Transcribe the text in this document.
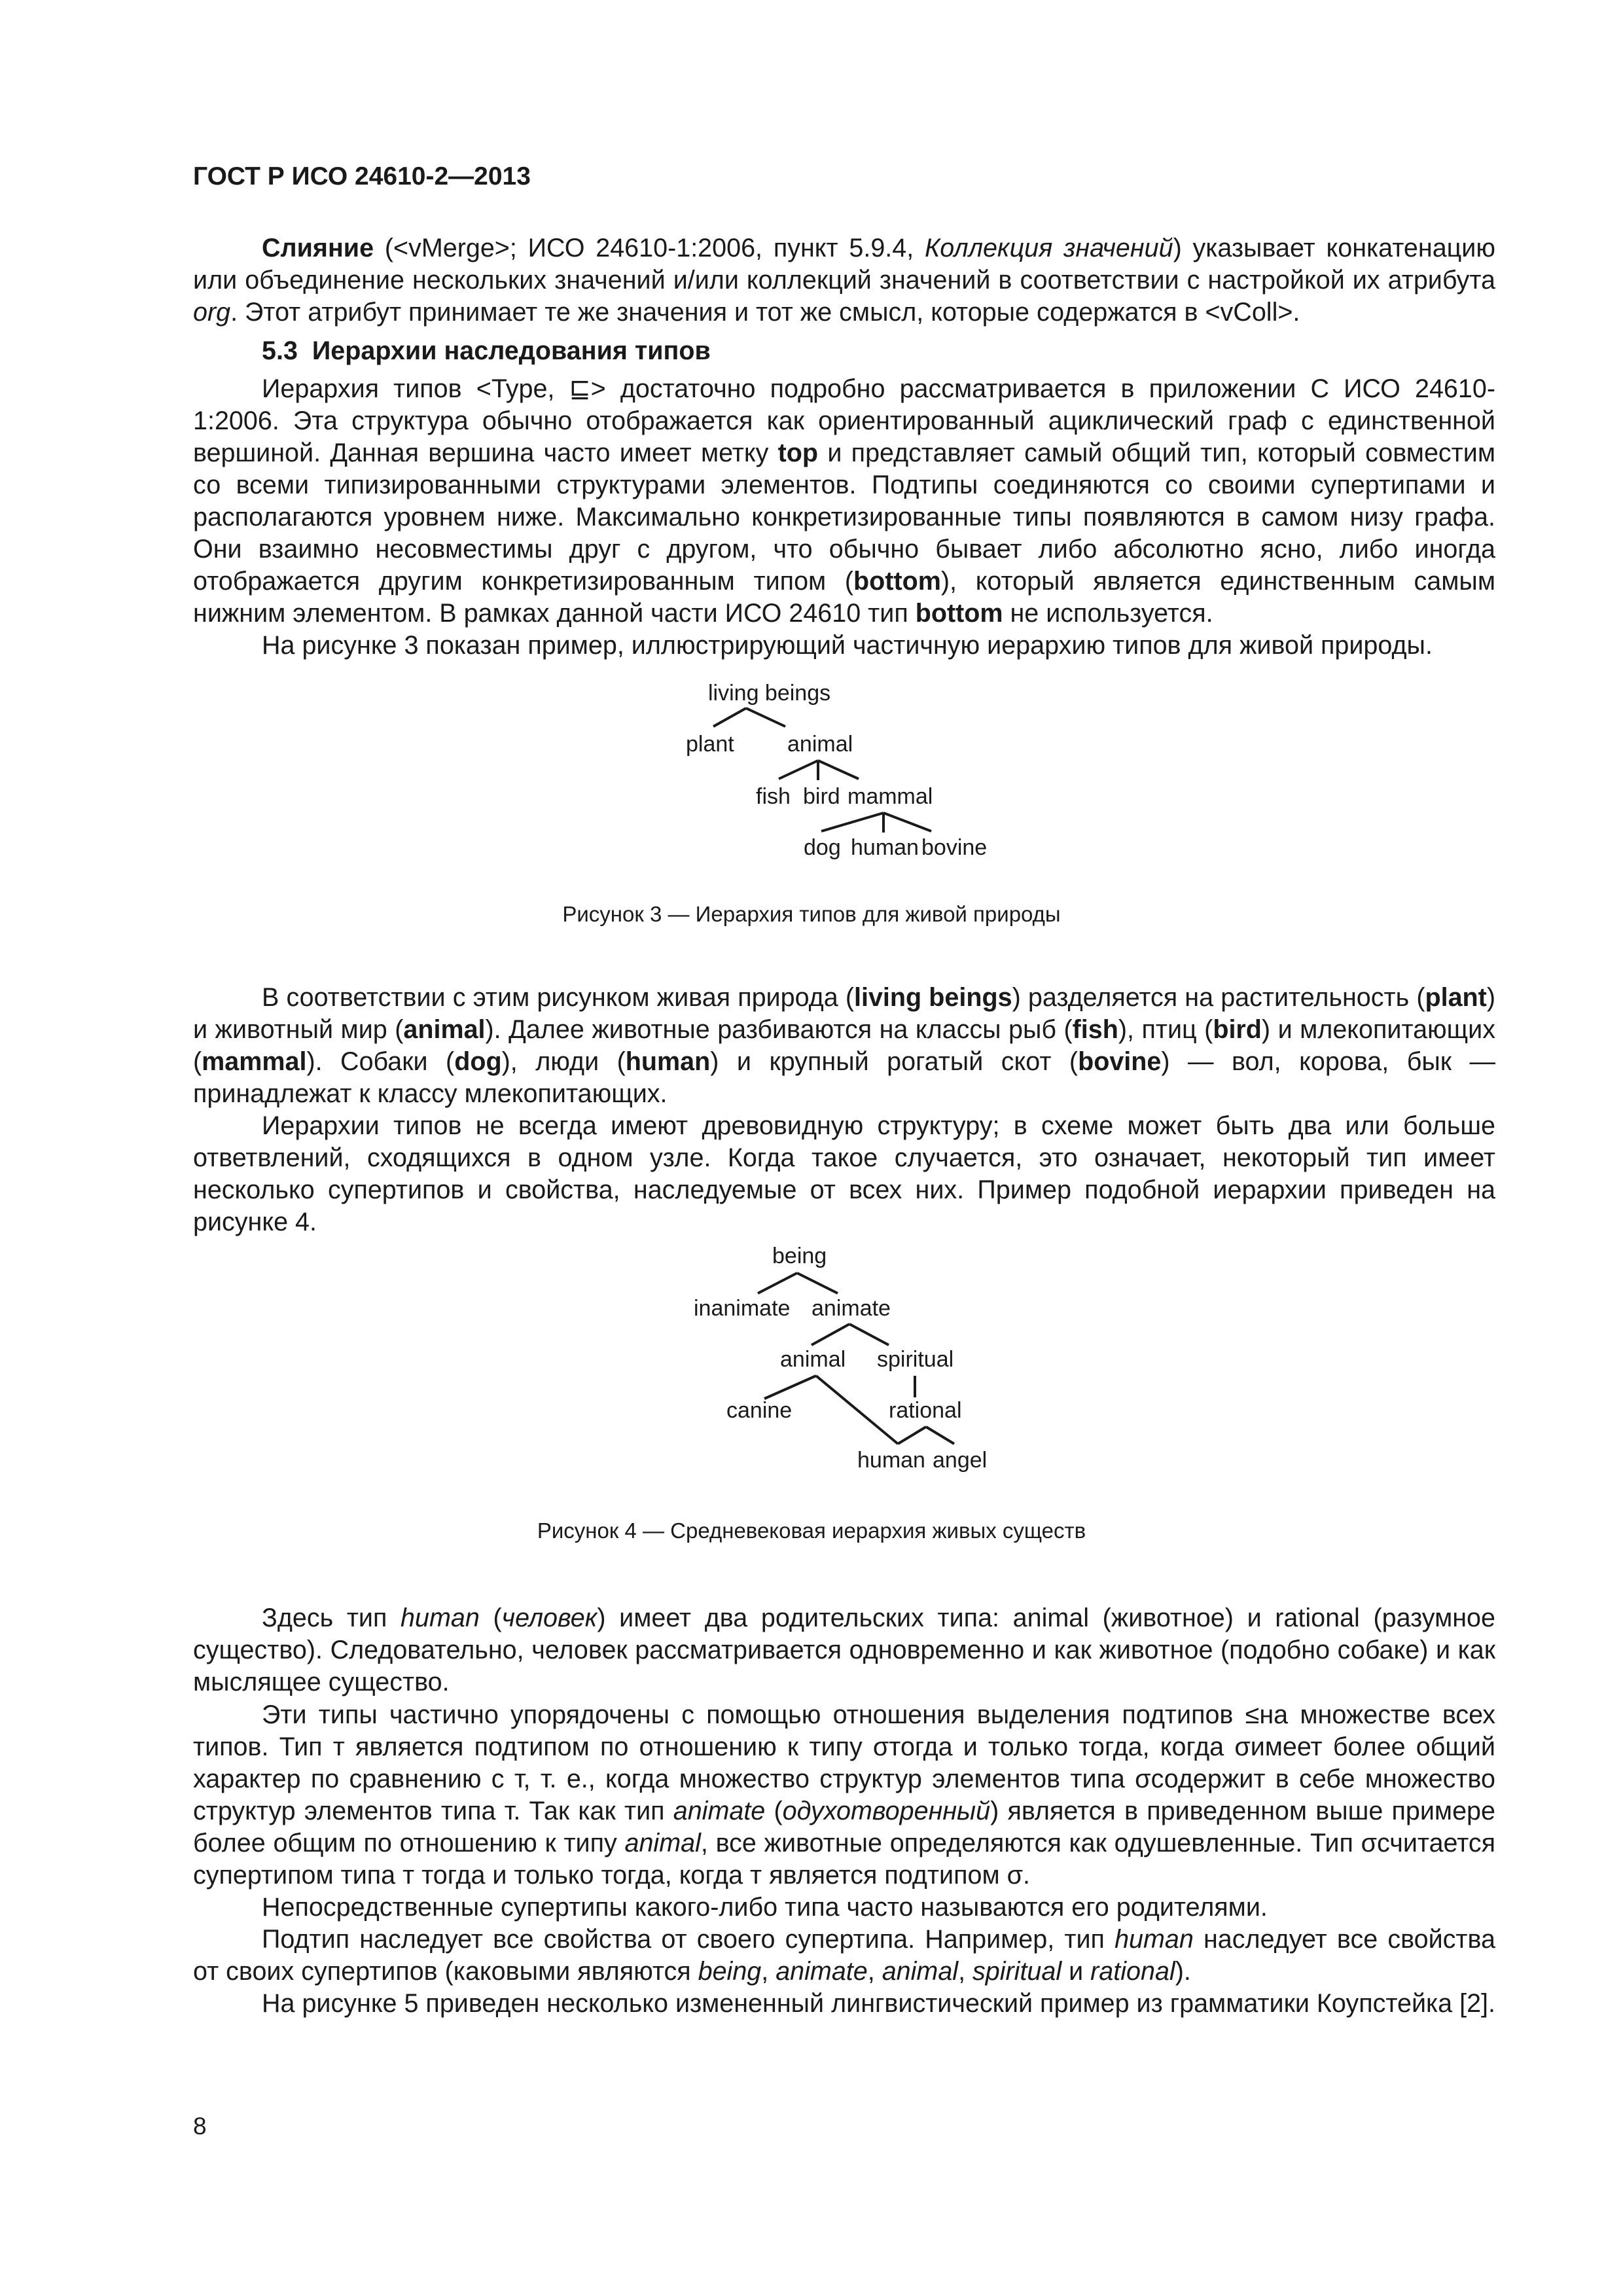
ГОСТ Р ИСО 24610-2—2013

Слияние (<vMerge>; ИСО 24610-1:2006, пункт 5.9.4, Коллекция значений) указывает конкатенацию или объединение нескольких значений и/или коллекций значений в соответствии с настройкой их атрибута org. Этот атрибут принимает те же значения и тот же смысл, которые содержатся в <vColl>.

5.3 Иерархии наследования типов

Иерархия типов <Type, ⊑> достаточно подробно рассматривается в приложении С ИСО 24610-1:2006. Эта структура обычно отображается как ориентированный ациклический граф с единственной вершиной. Данная вершина часто имеет метку top и представляет самый общий тип, который совместим со всеми типизированными структурами элементов. Подтипы соединяются со своими супертипами и располагаются уровнем ниже. Максимально конкретизированные типы появляются в самом низу графа. Они взаимно несовместимы друг с другом, что обычно бывает либо абсолютно ясно, либо иногда отображается другим конкретизированным типом (bottom), который является единственным самым нижним элементом. В рамках данной части ИСО 24610 тип bottom не используется.

На рисунке 3 показан пример, иллюстрирующий частичную иерархию типов для живой природы.

living beings
plant animal
fish bird mammal
dog human bovine
Рисунок 3 — Иерархия типов для живой природы

В соответствии с этим рисунком живая природа (living beings) разделяется на растительность (plant) и животный мир (animal). Далее животные разбиваются на классы рыб (fish), птиц (bird) и млекопитающих (mammal). Собаки (dog), люди (human) и крупный рогатый скот (bovine) — вол, корова, бык — принадлежат к классу млекопитающих.

Иерархии типов не всегда имеют древовидную структуру; в схеме может быть два или больше ответвлений, сходящихся в одном узле. Когда такое случается, это означает, некоторый тип имеет несколько супертипов и свойства, наследуемые от всех них. Пример подобной иерархии приведен на рисунке 4.

being
inanimate animate
animal spiritual
canine	rational
human angel
Рисунок 4 — Средневековая иерархия живых существ

Здесь тип human (человек) имеет два родительских типа: animal (животное) и rational (разумное существо). Следовательно, человек рассматривается одновременно и как животное (подобно собаке) и как мыслящее существо.

Эти типы частично упорядочены с помощью отношения выделения подтипов ≤на множестве всех типов. Тип т является подтипом по отношению к типу σтогда и только тогда, когда σимеет более общий характер по сравнению с т, т. е., когда множество структур элементов типа σсодержит в себе множество структур элементов типа т. Так как тип animate (одухотворенный) является в приведенном выше примере более общим по отношению к типу animal, все животные определяются как одушевленные. Тип σсчитается супертипом типа т тогда и только тогда, когда т является подтипом σ.

Непосредственные супертипы какого-либо типа часто называются его родителями.

Подтип наследует все свойства от своего супертипа. Например, тип human наследует все свойства от своих супертипов (каковыми являются being, animate, animal, spiritual и rational).

На рисунке 5 приведен несколько измененный лингвистический пример из грамматики Коупстейка [2].

8
